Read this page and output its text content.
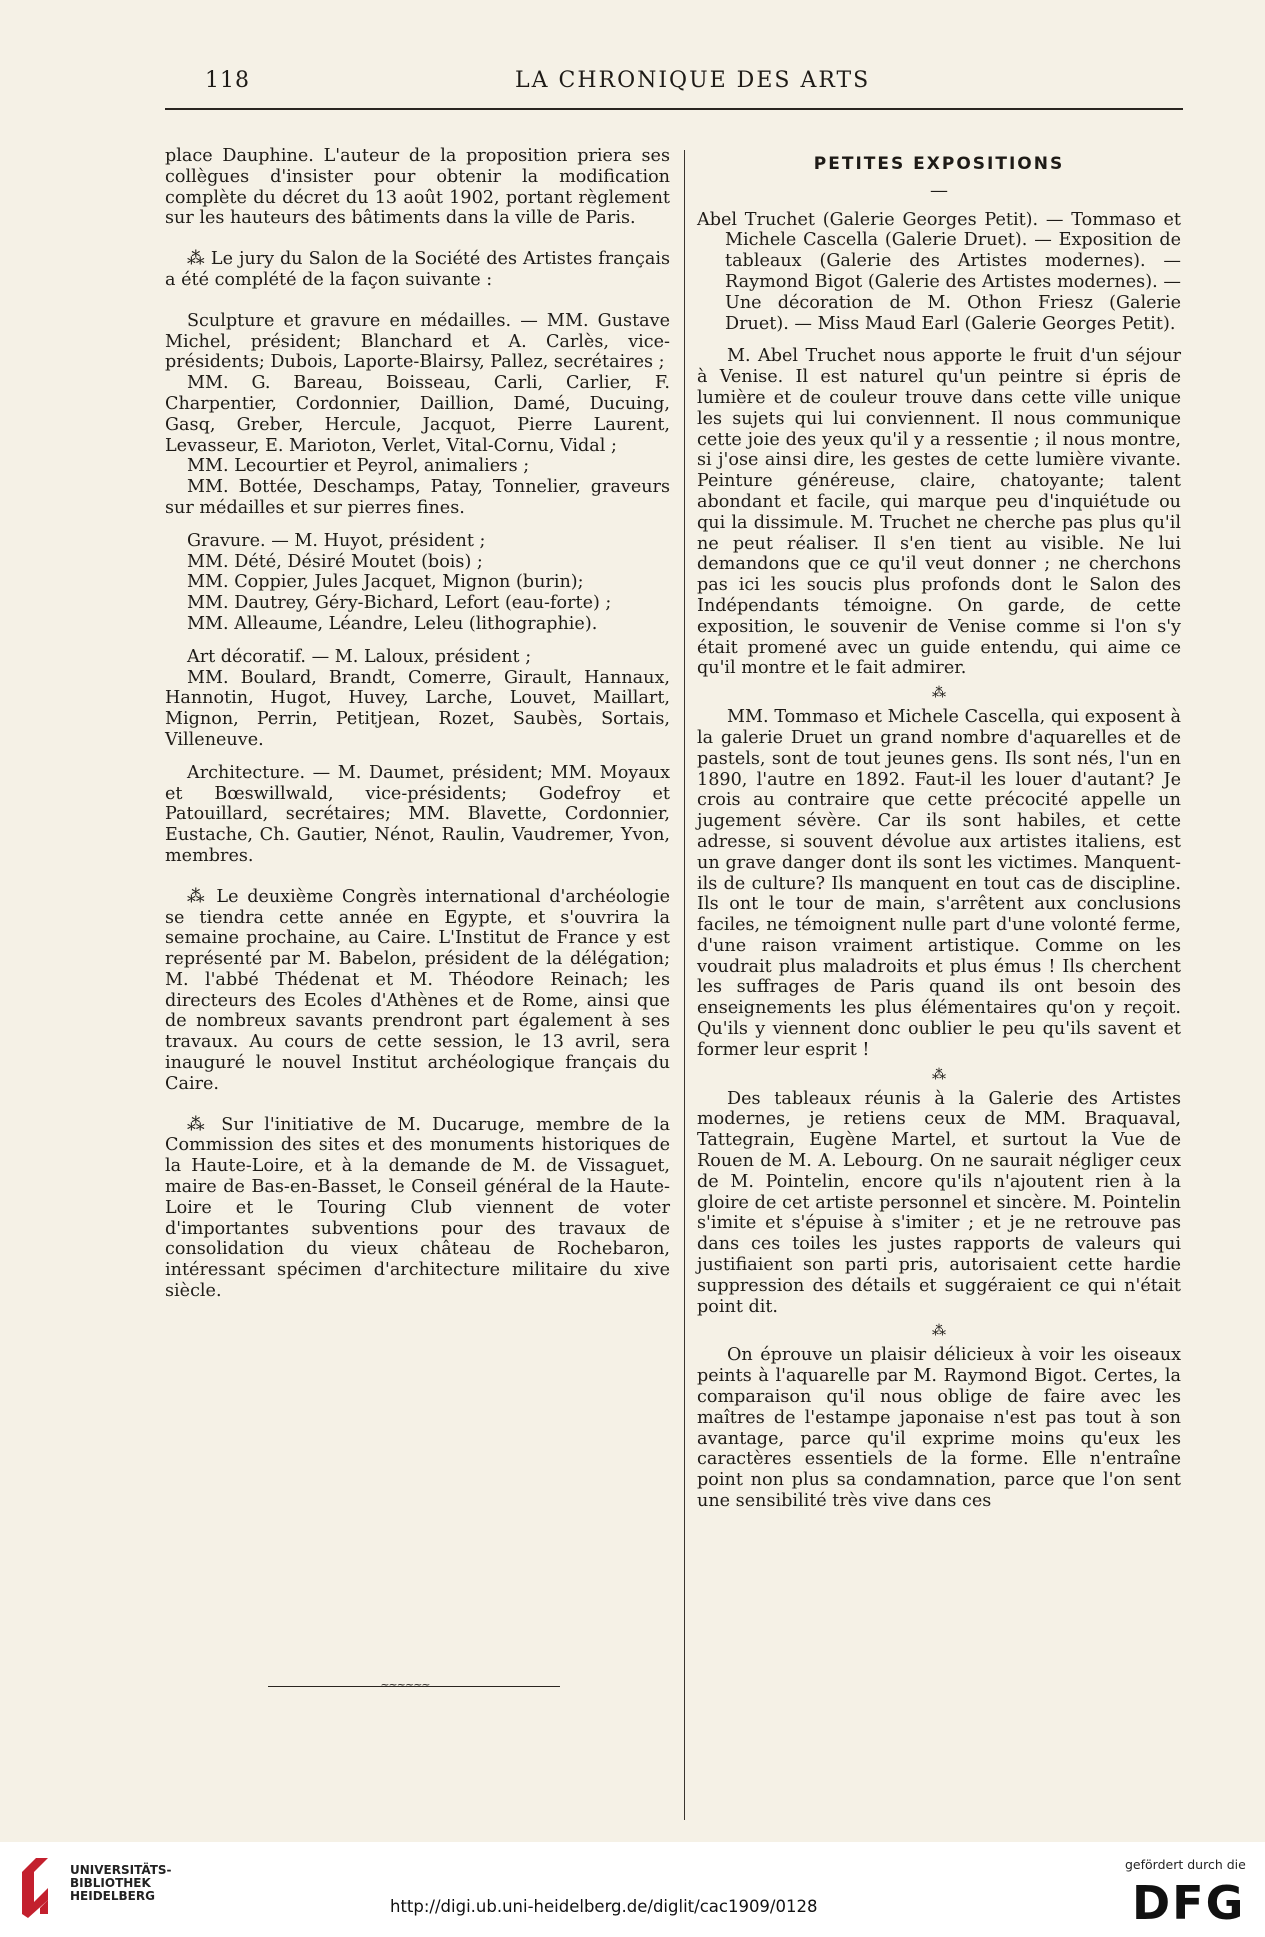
118	LA CHRONIQUE DES ARTS

place Dauphine. L'auteur de la proposition priera ses collègues d'insister pour obtenir la modification complète du décret du 13 août 1902, portant règlement sur les hauteurs des bâtiments dans la ville de Paris.

⁂ Le jury du Salon de la Société des Artistes français a été complété de la façon suivante :

Sculpture et gravure en médailles. — MM. Gustave Michel, président; Blanchard et A. Carlès, vice-présidents; Dubois, Laporte-Blairsy, Pallez, secrétaires ;

MM. G. Bareau, Boisseau, Carli, Carlier, F. Charpentier, Cordonnier, Daillion, Damé, Ducuing, Gasq, Greber, Hercule, Jacquot, Pierre Laurent, Levasseur, E. Marioton, Verlet, Vital-Cornu, Vidal ;

MM. Lecourtier et Peyrol, animaliers ;

MM. Bottée, Deschamps, Patay, Tonnelier, graveurs sur médailles et sur pierres fines.

Gravure. — M. Huyot, président ;

MM. Dété, Désiré Moutet (bois) ;

MM. Coppier, Jules Jacquet, Mignon (burin);

MM. Dautrey, Géry-Bichard, Lefort (eau-forte) ;

MM. Alleaume, Léandre, Leleu (lithographie).

Art décoratif. — M. Laloux, président ;

MM. Boulard, Brandt, Comerre, Girault, Hannaux, Hannotin, Hugot, Huvey, Larche, Louvet, Maillart, Mignon, Perrin, Petitjean, Rozet, Saubès, Sortais, Villeneuve.

Architecture. — M. Daumet, président; MM. Moyaux et Bœswillwald, vice-présidents; Godefroy et Patouillard, secrétaires; MM. Blavette, Cordonnier, Eustache, Ch. Gautier, Nénot, Raulin, Vaudremer, Yvon, membres.

⁂ Le deuxième Congrès international d'archéologie se tiendra cette année en Egypte, et s'ouvrira la semaine prochaine, au Caire. L'Institut de France y est représenté par M. Babelon, président de la délégation; M. l'abbé Thédenat et M. Théodore Reinach; les directeurs des Ecoles d'Athènes et de Rome, ainsi que de nombreux savants prendront part également à ses travaux. Au cours de cette session, le 13 avril, sera inauguré le nouvel Institut archéologique français du Caire.

⁂ Sur l'initiative de M. Ducaruge, membre de la Commission des sites et des monuments historiques de la Haute-Loire, et à la demande de M. de Vissaguet, maire de Bas-en-Basset, le Conseil général de la Haute-Loire et le Touring Club viennent de voter d'importantes subventions pour des travaux de consolidation du vieux château de Rochebaron, intéressant spécimen d'architecture militaire du xive siècle.

~~~~~~
PETITES EXPOSITIONS
—

Abel Truchet (Galerie Georges Petit). — Tommaso et Michele Cascella (Galerie Druet). — Exposition de tableaux (Galerie des Artistes modernes). — Raymond Bigot (Galerie des Artistes modernes). — Une décoration de M. Othon Friesz (Galerie Druet). — Miss Maud Earl (Galerie Georges Petit).

M. Abel Truchet nous apporte le fruit d'un séjour à Venise. Il est naturel qu'un peintre si épris de lumière et de couleur trouve dans cette ville unique les sujets qui lui conviennent. Il nous communique cette joie des yeux qu'il y a ressentie ; il nous montre, si j'ose ainsi dire, les gestes de cette lumière vivante. Peinture généreuse, claire, chatoyante; talent abondant et facile, qui marque peu d'inquiétude ou qui la dissimule. M. Truchet ne cherche pas plus qu'il ne peut réaliser. Il s'en tient au visible. Ne lui demandons que ce qu'il veut donner ; ne cherchons pas ici les soucis plus profonds dont le Salon des Indépendants témoigne. On garde, de cette exposition, le souvenir de Venise comme si l'on s'y était promené avec un guide entendu, qui aime ce qu'il montre et le fait admirer.

⁂

MM. Tommaso et Michele Cascella, qui exposent à la galerie Druet un grand nombre d'aquarelles et de pastels, sont de tout jeunes gens. Ils sont nés, l'un en 1890, l'autre en 1892. Faut-il les louer d'autant? Je crois au contraire que cette précocité appelle un jugement sévère. Car ils sont habiles, et cette adresse, si souvent dévolue aux artistes italiens, est un grave danger dont ils sont les victimes. Manquent-ils de culture? Ils manquent en tout cas de discipline. Ils ont le tour de main, s'arrêtent aux conclusions faciles, ne témoignent nulle part d'une volonté ferme, d'une raison vraiment artistique. Comme on les voudrait plus maladroits et plus émus ! Ils cherchent les suffrages de Paris quand ils ont besoin des enseignements les plus élémentaires qu'on y reçoit. Qu'ils y viennent donc oublier le peu qu'ils savent et former leur esprit !

⁂

Des tableaux réunis à la Galerie des Artistes modernes, je retiens ceux de MM. Braquaval, Tattegrain, Eugène Martel, et surtout la Vue de Rouen de M. A. Lebourg. On ne saurait négliger ceux de M. Pointelin, encore qu'ils n'ajoutent rien à la gloire de cet artiste personnel et sincère. M. Pointelin s'imite et s'épuise à s'imiter ; et je ne retrouve pas dans ces toiles les justes rapports de valeurs qui justifiaient son parti pris, autorisaient cette hardie suppression des détails et suggéraient ce qui n'était point dit.

⁂

On éprouve un plaisir délicieux à voir les oiseaux peints à l'aquarelle par M. Raymond Bigot. Certes, la comparaison qu'il nous oblige de faire avec les maîtres de l'estampe japonaise n'est pas tout à son avantage, parce qu'il exprime moins qu'eux les caractères essentiels de la forme. Elle n'entraîne point non plus sa condamnation, parce que l'on sent une sensibilité très vive dans ces

UNIVERSITÄTS-
BIBLIOTHEK
HEIDELBERG
http://digi.ub.uni-heidelberg.de/diglit/cac1909/0128
gefördert durch die
DFG
